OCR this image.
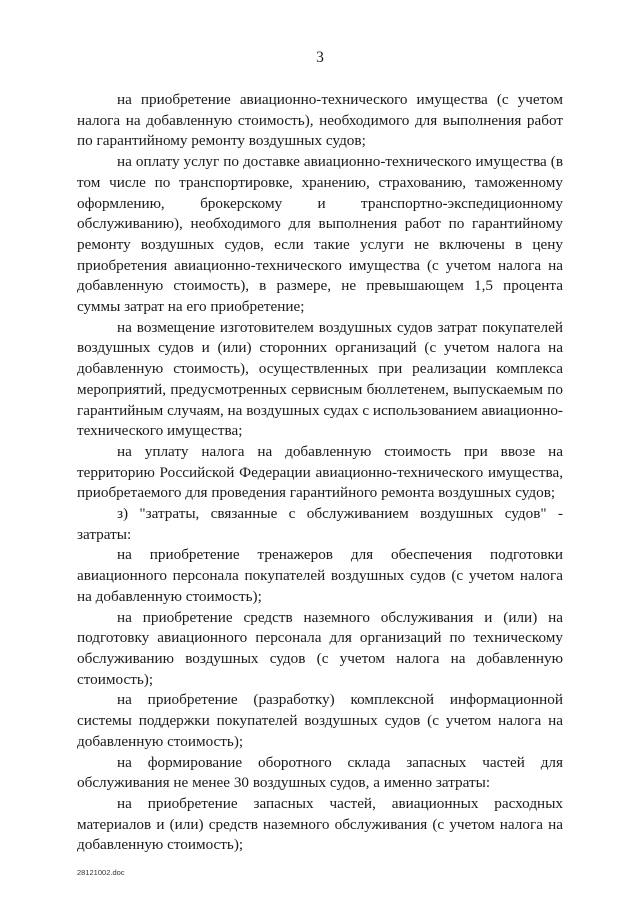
3

на приобретение авиационно-технического имущества (с учетом налога на добавленную стоимость), необходимого для выполнения работ по гарантийному ремонту воздушных судов;

на оплату услуг по доставке авиационно-технического имущества (в том числе по транспортировке, хранению, страхованию, таможенному оформлению, брокерскому и транспортно-экспедиционному обслуживанию), необходимого для выполнения работ по гарантийному ремонту воздушных судов, если такие услуги не включены в цену приобретения авиационно-технического имущества (с учетом налога на добавленную стоимость), в размере, не превышающем 1,5 процента суммы затрат на его приобретение;

на возмещение изготовителем воздушных судов затрат покупателей воздушных судов и (или) сторонних организаций (с учетом налога на добавленную стоимость), осуществленных при реализации комплекса мероприятий, предусмотренных сервисным бюллетенем, выпускаемым по гарантийным случаям, на воздушных судах с использованием авиационно-технического имущества;

на уплату налога на добавленную стоимость при ввозе на территорию Российской Федерации авиационно-технического имущества, приобретаемого для проведения гарантийного ремонта воздушных судов;

з) "затраты, связанные с обслуживанием воздушных судов" - затраты:

на приобретение тренажеров для обеспечения подготовки авиационного персонала покупателей воздушных судов (с учетом налога на добавленную стоимость);

на приобретение средств наземного обслуживания и (или) на подготовку авиационного персонала для организаций по техническому обслуживанию воздушных судов (с учетом налога на добавленную стоимость);

на приобретение (разработку) комплексной информационной системы поддержки покупателей воздушных судов (с учетом налога на добавленную стоимость);

на формирование оборотного склада запасных частей для обслуживания не менее 30 воздушных судов, а именно затраты:

на приобретение запасных частей, авиационных расходных материалов и (или) средств наземного обслуживания (с учетом налога на добавленную стоимость);

28121002.doc
